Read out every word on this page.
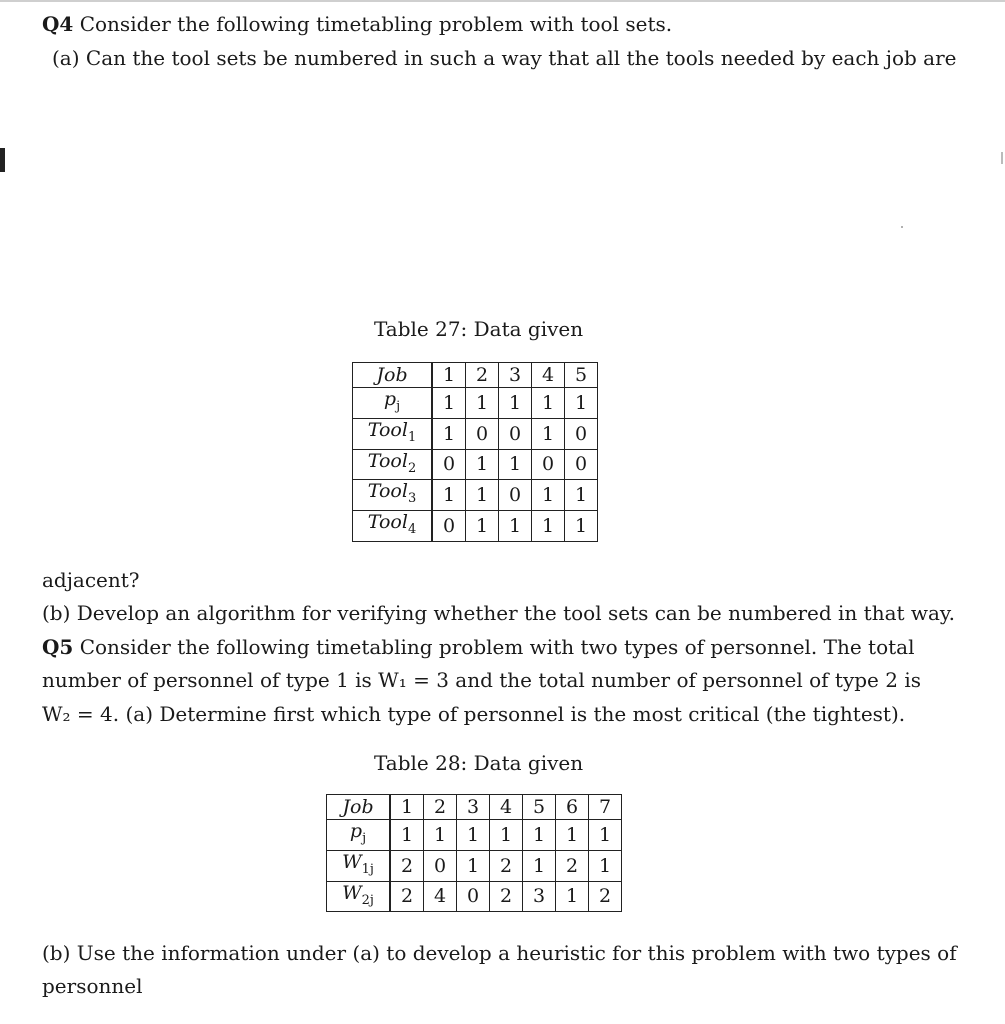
Q4 Consider the following timetabling problem with tool sets.
(a) Can the tool sets be numbered in such a way that all the tools needed by each job are
Table 27: Data given
Job	1	2	3	4	5
$p_j$	1	1	1	1	1
Tool$_1$	1	0	0	1	0
Tool$_2$	0	1	1	0	0
Tool$_3$	1	1	0	1	1
Tool$_4$	0	1	1	1	1
adjacent?
(b) Develop an algorithm for verifying whether the tool sets can be numbered in that way.
Q5 Consider the following timetabling problem with two types of personnel. The total
number of personnel of type 1 is W₁ = 3 and the total number of personnel of type 2 is
W₂ = 4. (a) Determine first which type of personnel is the most critical (the tightest).
Table 28: Data given
Job	1	2	3	4	5	6	7
$p_j$	1	1	1	1	1	1	1
$W_{1j}$	2	0	1	2	1	2	1
$W_{2j}$	2	4	0	2	3	1	2
(b) Use the information under (a) to develop a heuristic for this problem with two types of
personnel
